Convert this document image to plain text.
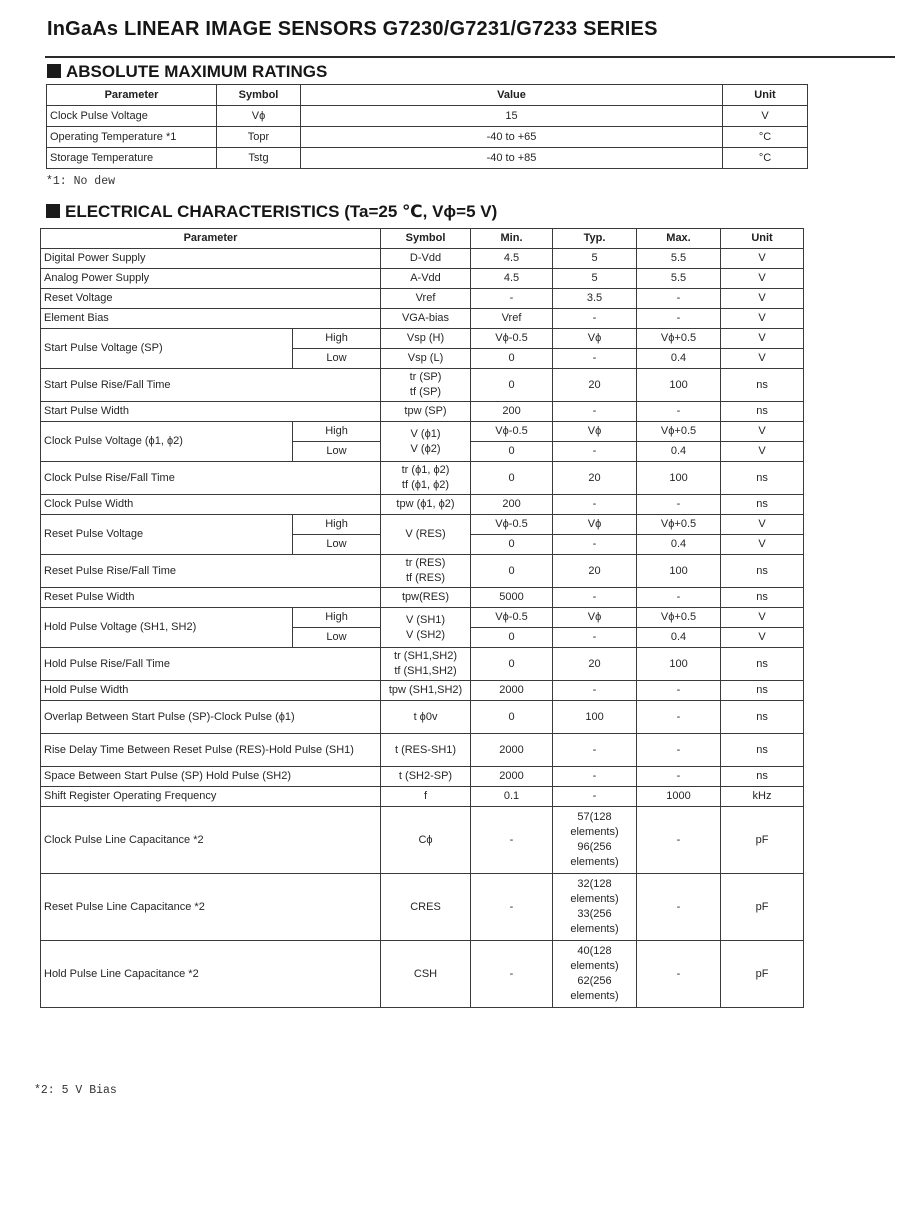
InGaAs LINEAR IMAGE SENSORS G7230/G7231/G7233 SERIES
ABSOLUTE MAXIMUM RATINGS
Parameter	Symbol	Value	Unit
Clock Pulse Voltage	Vϕ	15	V
Operating Temperature *1	Topr	-40 to +65	°C
Storage Temperature	Tstg	-40 to +85	°C
*1: No dew
ELECTRICAL CHARACTERISTICS (Ta=25 ℃, Vϕ=5 V)
Parameter		Symbol	Min.	Typ.	Max.	Unit
Digital Power Supply		D-Vdd	4.5	5	5.5	V
Analog Power Supply		A-Vdd	4.5	5	5.5	V
Reset Voltage		Vref	-	3.5	-	V
Element Bias		VGA-bias	Vref	-	-	V
Start Pulse Voltage (SP)	High	Vsp (H)	Vϕ-0.5	Vϕ	Vϕ+0.5	V
	Low	Vsp (L)	0	-	0.4	V
Start Pulse Rise/Fall Time		tr (SP)
tf (SP)	0	20	100	ns
Start Pulse Width		tpw (SP)	200	-	-	ns
Clock Pulse Voltage (ϕ1, ϕ2)	High	V (ϕ1)
V (ϕ2)	Vϕ-0.5	Vϕ	Vϕ+0.5	V
	Low		0	-	0.4	V
Clock Pulse Rise/Fall Time		tr (ϕ1, ϕ2)
tf (ϕ1, ϕ2)	0	20	100	ns
Clock Pulse Width		tpw (ϕ1, ϕ2)	200	-	-	ns
Reset Pulse Voltage	High	V (RES)	Vϕ-0.5	Vϕ	Vϕ+0.5	V
	Low		0	-	0.4	V
Reset Pulse Rise/Fall Time		tr (RES)
tf (RES)	0	20	100	ns
Reset Pulse Width		tpw(RES)	5000	-	-	ns
Hold Pulse Voltage (SH1, SH2)	High	V (SH1)
V (SH2)	Vϕ-0.5	Vϕ	Vϕ+0.5	V
	Low		0	-	0.4	V
Hold Pulse Rise/Fall Time		tr (SH1,SH2)
tf (SH1,SH2)	0	20	100	ns
Hold Pulse Width		tpw (SH1,SH2)	2000	-	-	ns
Overlap Between Start Pulse (SP)-Clock Pulse (ϕ1)		t ϕ0v	0	100	-	ns
Rise Delay Time Between Reset Pulse (RES)-Hold Pulse (SH1)		t (RES-SH1)	2000	-	-	ns
Space Between Start Pulse (SP) Hold Pulse (SH2)		t (SH2-SP)	2000	-	-	ns
Shift Register Operating Frequency		f	0.1	-	1000	kHz
Clock Pulse Line Capacitance *2		Cϕ	-	57(128
elements)
96(256
elements)	-	pF
Reset Pulse Line Capacitance *2		CRES	-	32(128
elements)
33(256
elements)	-	pF
Hold Pulse Line Capacitance *2		CSH	-	40(128
elements)
62(256
elements)	-	pF
*2: 5 V Bias
